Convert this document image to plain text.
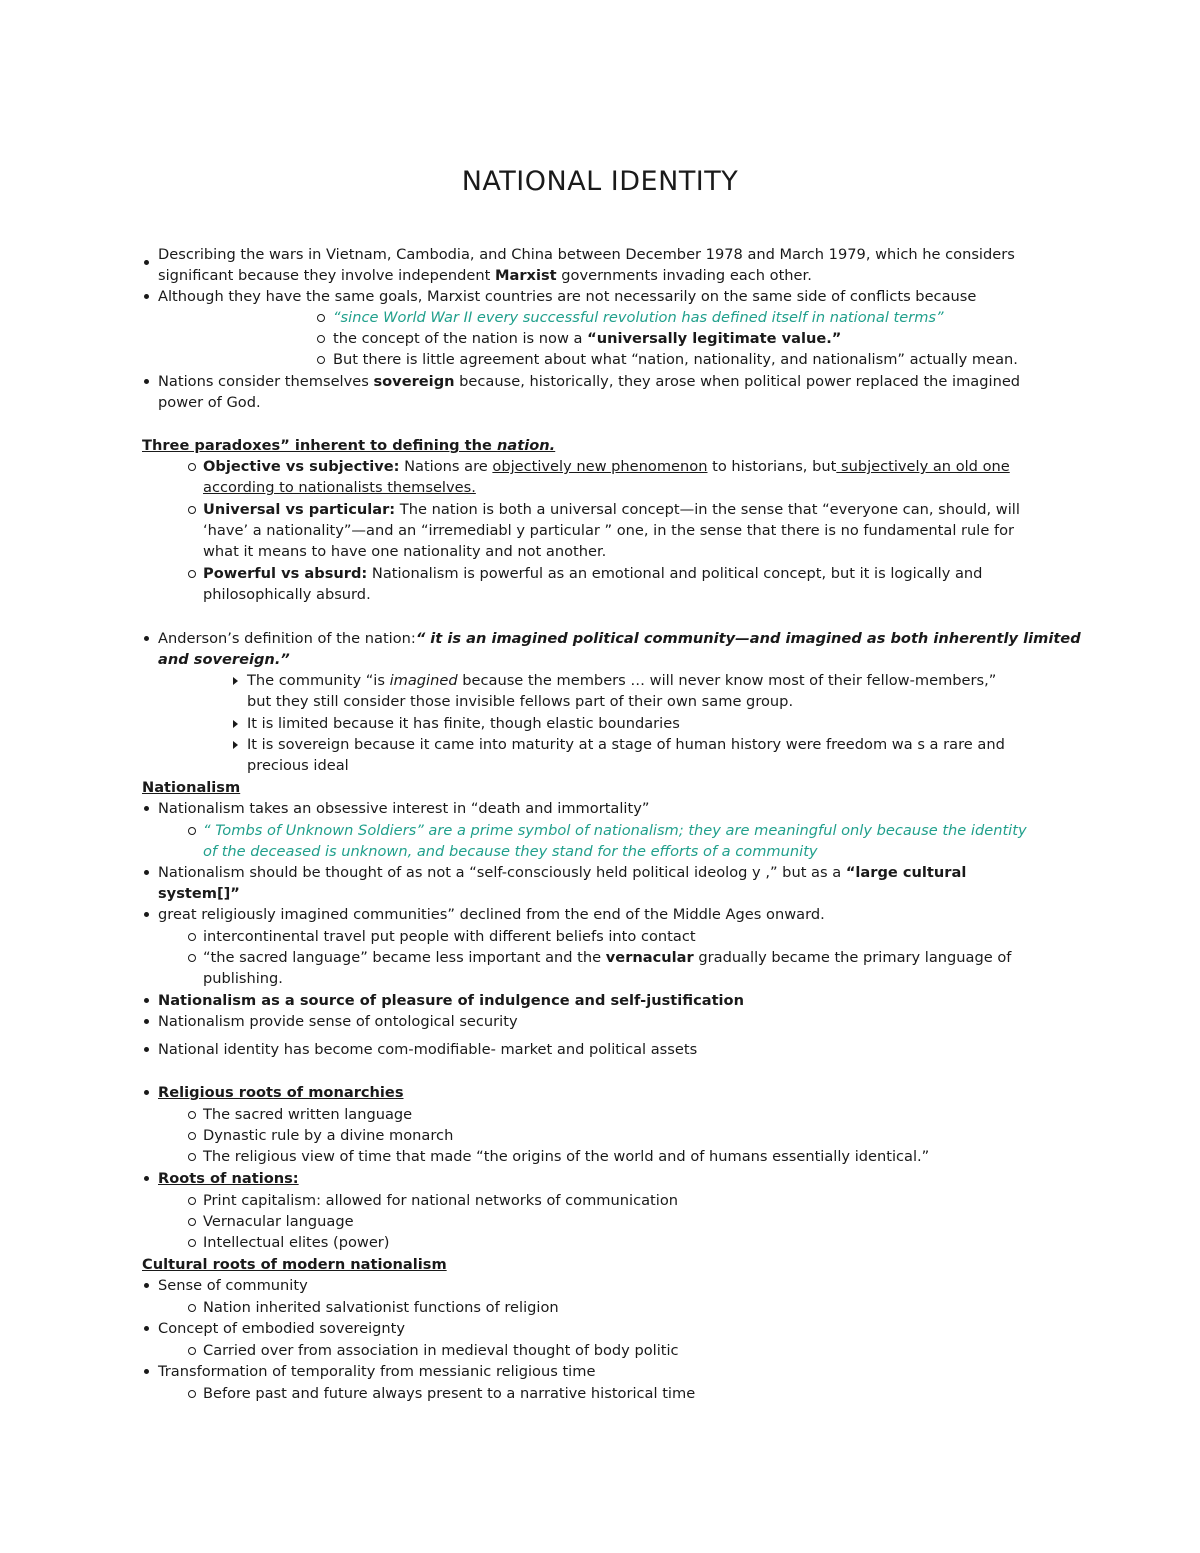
NATIONAL IDENTITY
Describing the wars in Vietnam, Cambodia, and China between December 1978 and March 1979, which he considers
significant because they involve independent Marxist governments invading each other.
Although they have the same goals, Marxist countries are not necessarily on the same side of conflicts because
“since World War II every successful revolution has defined itself in national terms”
the concept of the nation is now a “universally legitimate value.”
But there is little agreement about what “nation, nationality, and nationalism” actually mean.
Nations consider themselves sovereign because, historically, they arose when political power replaced the imagined
power of God.
Three paradoxes” inherent to defining the nation.
Objective vs subjective: Nations are objectively new phenomenon to historians, but subjectively an old one
according to nationalists themselves.
Universal vs particular: The nation is both a universal concept—in the sense that “everyone can, should, will
‘have’ a nationality”—and an “irremediabl y particular ” one, in the sense that there is no fundamental rule for
what it means to have one nationality and not another.
Powerful vs absurd: Nationalism is powerful as an emotional and political concept, but it is logically and
philosophically absurd.
Anderson’s definition of the nation:“ it is an imagined political community—and imagined as both inherently limited
and sovereign.”
The community “is imagined because the members … will never know most of their fellow-members,”
but they still consider those invisible fellows part of their own same group.
It is limited because it has finite, though elastic boundaries
It is sovereign because it came into maturity at a stage of human history were freedom wa s a rare and
precious ideal
Nationalism
Nationalism takes an obsessive interest in “death and immortality”
“ Tombs of Unknown Soldiers” are a prime symbol of nationalism; they are meaningful only because the identity
of the deceased is unknown, and because they stand for the efforts of a community
Nationalism should be thought of as not a “self-consciously held political ideolog y ,” but as a “large cultural
system[]”
great religiously imagined communities” declined from the end of the Middle Ages onward.
intercontinental travel put people with different beliefs into contact
“the sacred language” became less important and the vernacular gradually became the primary language of
publishing.
Nationalism as a source of pleasure of indulgence and self-justification
Nationalism provide sense of ontological security
National identity has become com-modifiable- market and political assets
Religious roots of monarchies
The sacred written language
Dynastic rule by a divine monarch
The religious view of time that made “the origins of the world and of humans essentially identical.”
Roots of nations:
Print capitalism: allowed for national networks of communication
Vernacular language
Intellectual elites (power)
Cultural roots of modern nationalism
Sense of community
Nation inherited salvationist functions of religion
Concept of embodied sovereignty
Carried over from association in medieval thought of body politic
Transformation of temporality from messianic religious time
Before past and future always present to a narrative historical time
